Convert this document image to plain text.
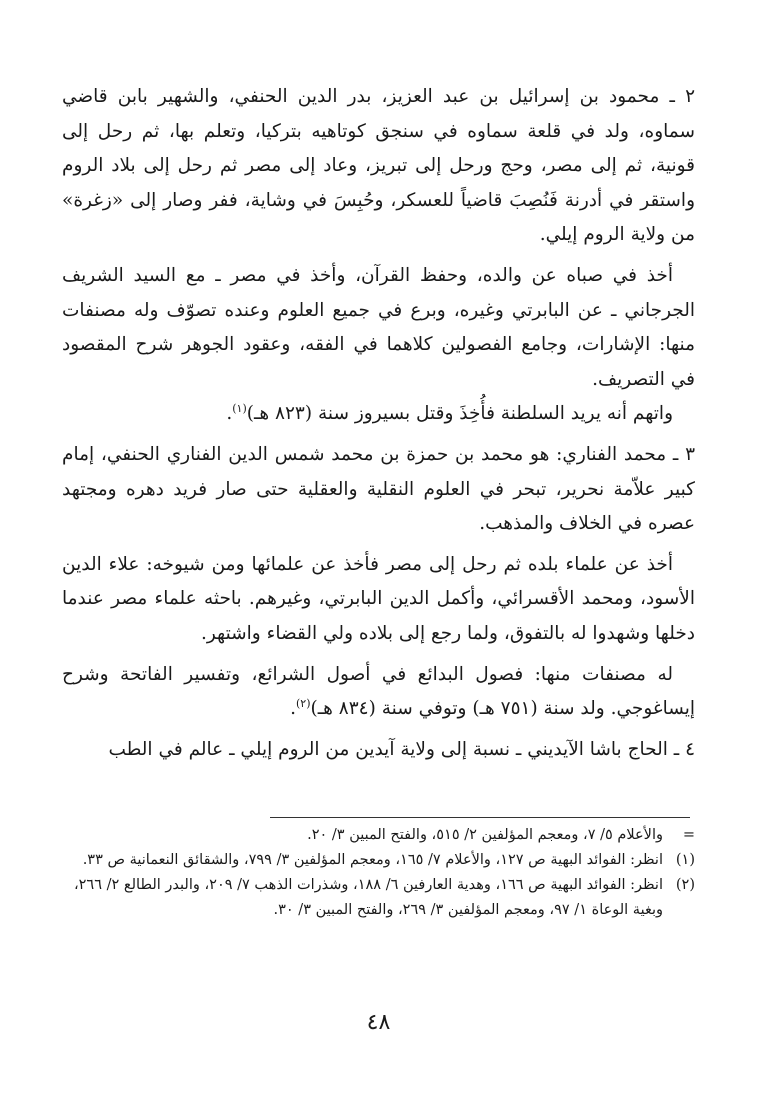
٢ ـ محمود بن إسرائيل بن عبد العزيز، بدر الدين الحنفي، والشهير بابن قاضي سماوه، ولد في قلعة سماوه في سنجق كوتاهيه بتركيا، وتعلم بها، ثم رحل إلى قونية، ثم إلى مصر، وحج ورحل إلى تبريز، وعاد إلى مصر ثم رحل إلى بلاد الروم واستقر في أدرنة فَنُصِبَ قاضياً للعسكر، وحُبِسَ في وشاية، ففر وصار إلى «زغرة» من ولاية الروم إيلي.

أخذ في صباه عن والده، وحفظ القرآن، وأخذ في مصر ـ مع السيد الشريف الجرجاني ـ عن البابرتي وغيره، وبرع في جميع العلوم وعنده تصوّف وله مصنفات منها: الإشارات، وجامع الفصولين كلاهما في الفقه، وعقود الجوهر شرح المقصود في التصريف.

واتهم أنه يريد السلطنة فأُخِذَ وقتل بسيروز سنة (٨٢٣ هـ)$^{(١)}$.

٣ ـ محمد الفناري: هو محمد بن حمزة بن محمد شمس الدين الفناري الحنفي، إمام كبير علاّمة نحرير، تبحر في العلوم النقلية والعقلية حتى صار فريد دهره ومجتهد عصره في الخلاف والمذهب.

أخذ عن علماء بلده ثم رحل إلى مصر فأخذ عن علمائها ومن شيوخه: علاء الدين الأسود، ومحمد الأقسرائي، وأكمل الدين البابرتي، وغيرهم. باحثه علماء مصر عندما دخلها وشهدوا له بالتفوق، ولما رجع إلى بلاده ولي القضاء واشتهر.

له مصنفات منها: فصول البدائع في أصول الشرائع، وتفسير الفاتحة وشرح إيساغوجي. ولد سنة (٧٥١ هـ) وتوفي سنة (٨٣٤ هـ)$^{(٢)}$.

٤ ـ الحاج باشا الآيديني ـ نسبة إلى ولاية آيدين من الروم إيلي ـ عالم في الطب

=
والأعلام ٥/ ٧، ومعجم المؤلفين ٢/ ٥١٥، والفتح المبين ٣/ ٢٠.
(١)
انظر: الفوائد البهية ص ١٢٧، والأعلام ٧/ ١٦٥، ومعجم المؤلفين ٣/ ٧٩٩، والشقائق النعمانية ص ٣٣.
(٢)
انظر: الفوائد البهية ص ١٦٦، وهدية العارفين ٦/ ١٨٨، وشذرات الذهب ٧/ ٢٠٩، والبدر الطالع ٢/ ٢٦٦،
وبغية الوعاة ١/ ٩٧، ومعجم المؤلفين ٣/ ٢٦٩، والفتح المبين ٣/ ٣٠.
٤٨
